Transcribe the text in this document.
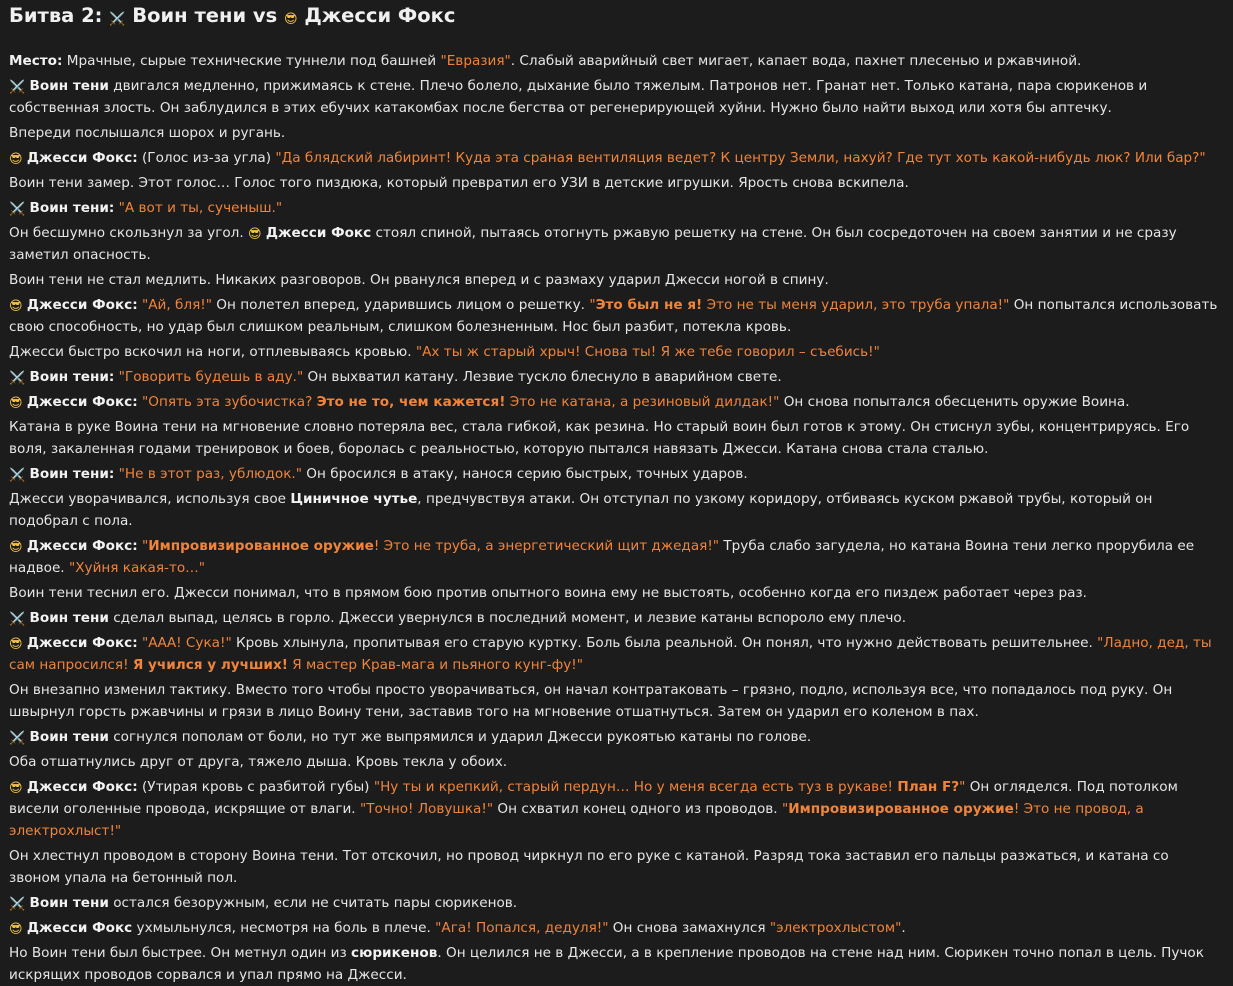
Битва 2: ⚔️ Воин тени vs 😎 Джесси Фокс

Место: Мрачные, сырые технические туннели под башней "Евразия". Слабый аварийный свет мигает, капает вода, пахнет плесенью и ржавчиной.

⚔️ Воин тени двигался медленно, прижимаясь к стене. Плечо болело, дыхание было тяжелым. Патронов нет. Гранат нет. Только катана, пара сюрикенов и собственная злость. Он заблудился в этих ебучих катакомбах после бегства от регенерирующей хуйни. Нужно было найти выход или хотя бы аптечку.

Впереди послышался шорох и ругань.

😎 Джесси Фокс: (Голос из-за угла) "Да блядский лабиринт! Куда эта сраная вентиляция ведет? К центру Земли, нахуй? Где тут хоть какой-нибудь люк? Или бар?"

Воин тени замер. Этот голос… Голос того пиздюка, который превратил его УЗИ в детские игрушки. Ярость снова вскипела.

⚔️ Воин тени: "А вот и ты, сученыш."

Он бесшумно скользнул за угол. 😎 Джесси Фокс стоял спиной, пытаясь отогнуть ржавую решетку на стене. Он был сосредоточен на своем занятии и не сразу заметил опасность.

Воин тени не стал медлить. Никаких разговоров. Он рванулся вперед и с размаху ударил Джесси ногой в спину.

😎 Джесси Фокс: "Ай, бля!" Он полетел вперед, ударившись лицом о решетку. "Это был не я! Это не ты меня ударил, это труба упала!" Он попытался использовать свою способность, но удар был слишком реальным, слишком болезненным. Нос был разбит, потекла кровь.

Джесси быстро вскочил на ноги, отплевываясь кровью. "Ах ты ж старый хрыч! Снова ты! Я же тебе говорил – съебись!"

⚔️ Воин тени: "Говорить будешь в аду." Он выхватил катану. Лезвие тускло блеснуло в аварийном свете.

😎 Джесси Фокс: "Опять эта зубочистка? Это не то, чем кажется! Это не катана, а резиновый дилдак!" Он снова попытался обесценить оружие Воина.

Катана в руке Воина тени на мгновение словно потеряла вес, стала гибкой, как резина. Но старый воин был готов к этому. Он стиснул зубы, концентрируясь. Его воля, закаленная годами тренировок и боев, боролась с реальностью, которую пытался навязать Джесси. Катана снова стала сталью.

⚔️ Воин тени: "Не в этот раз, ублюдок." Он бросился в атаку, нанося серию быстрых, точных ударов.

Джесси уворачивался, используя свое Циничное чутье, предчувствуя атаки. Он отступал по узкому коридору, отбиваясь куском ржавой трубы, который он подобрал с пола.

😎 Джесси Фокс: "Импровизированное оружие! Это не труба, а энергетический щит джедая!" Труба слабо загудела, но катана Воина тени легко прорубила ее надвое. "Хуйня какая-то…"

Воин тени теснил его. Джесси понимал, что в прямом бою против опытного воина ему не выстоять, особенно когда его пиздеж работает через раз.

⚔️ Воин тени сделал выпад, целясь в горло. Джесси увернулся в последний момент, и лезвие катаны вспороло ему плечо.

😎 Джесси Фокс: "ААА! Сука!" Кровь хлынула, пропитывая его старую куртку. Боль была реальной. Он понял, что нужно действовать решительнее. "Ладно, дед, ты сам напросился! Я учился у лучших! Я мастер Крав-мага и пьяного кунг-фу!"

Он внезапно изменил тактику. Вместо того чтобы просто уворачиваться, он начал контратаковать – грязно, подло, используя все, что попадалось под руку. Он швырнул горсть ржавчины и грязи в лицо Воину тени, заставив того на мгновение отшатнуться. Затем он ударил его коленом в пах.

⚔️ Воин тени согнулся пополам от боли, но тут же выпрямился и ударил Джесси рукоятью катаны по голове.

Оба отшатнулись друг от друга, тяжело дыша. Кровь текла у обоих.

😎 Джесси Фокс: (Утирая кровь с разбитой губы) "Ну ты и крепкий, старый пердун… Но у меня всегда есть туз в рукаве! План F?" Он огляделся. Под потолком висели оголенные провода, искрящие от влаги. "Точно! Ловушка!" Он схватил конец одного из проводов. "Импровизированное оружие! Это не провод, а электрохлыст!"

Он хлестнул проводом в сторону Воина тени. Тот отскочил, но провод чиркнул по его руке с катаной. Разряд тока заставил его пальцы разжаться, и катана со звоном упала на бетонный пол.

⚔️ Воин тени остался безоружным, если не считать пары сюрикенов.

😎 Джесси Фокс ухмыльнулся, несмотря на боль в плече. "Ага! Попался, дедуля!" Он снова замахнулся "электрохлыстом".

Но Воин тени был быстрее. Он метнул один из сюрикенов. Он целился не в Джесси, а в крепление проводов на стене над ним. Сюрикен точно попал в цель. Пучок искрящих проводов сорвался и упал прямо на Джесси.
